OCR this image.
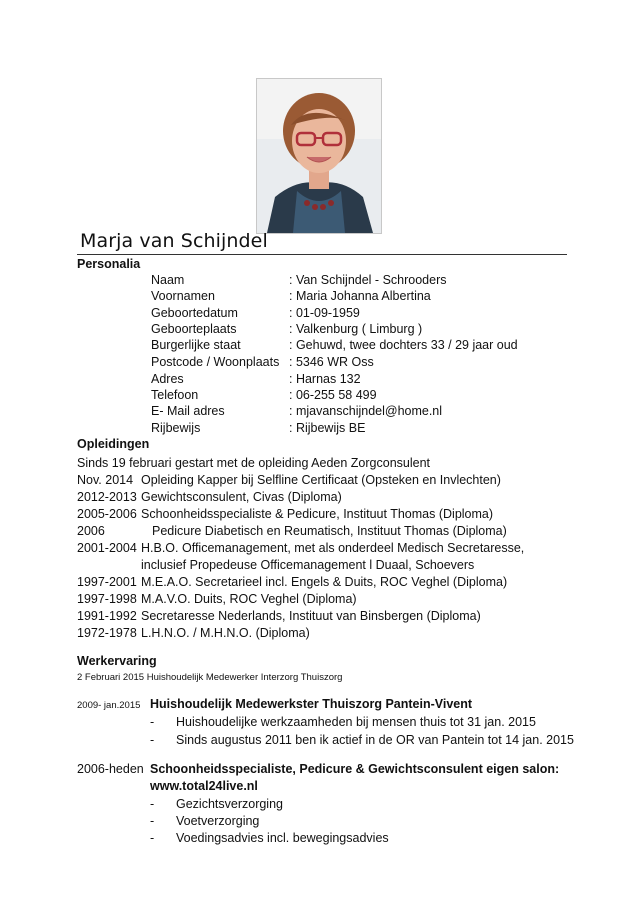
Marja van Schijndel
Personalia
Naam	: Van Schijndel - Schrooders
Voornamen	: Maria Johanna Albertina
Geboortedatum	: 01-09-1959
Geboorteplaats	: Valkenburg ( Limburg )
Burgerlijke staat	: Gehuwd, twee dochters 33 / 29 jaar oud
Postcode / Woonplaats : 5346 WR Oss
Adres	: Harnas 132
Telefoon	: 06-255 58 499
E- Mail adres	: mjavanschijndel@home.nl
Rijbewijs	: Rijbewijs BE
Opleidingen
Sinds 19 februari gestart met de opleiding Aeden Zorgconsulent
Nov. 2014 Opleiding Kapper bij Selfline Certificaat (Opsteken en Invlechten)
2012-2013 Gewichtsconsulent, Civas (Diploma)
2005-2006 Schoonheidsspecialiste & Pedicure, Instituut Thomas (Diploma)
2006	Pedicure Diabetisch en Reumatisch, Instituut Thomas (Diploma)
2001-2004 H.B.O. Officemanagement, met als onderdeel Medisch Secretaresse,
inclusief Propedeuse Officemanagement l Duaal, Schoevers
1997-2001 M.E.A.O. Secretarieel incl. Engels & Duits, ROC Veghel (Diploma)
1997-1998 M.A.V.O. Duits, ROC Veghel (Diploma)
1991-1992 Secretaresse Nederlands, Instituut van Binsbergen (Diploma)
1972-1978 L.H.N.O. / M.H.N.O. (Diploma)
Werkervaring
2 Februari 2015 Huishoudelijk Medewerker Interzorg Thuiszorg
2009- jan.2015 Huishoudelijk Medewerkster Thuiszorg Pantein-Vivent
- Huishoudelijke werkzaamheden bij mensen thuis tot 31 jan. 2015
- Sinds augustus 2011 ben ik actief in de OR van Pantein tot 14 jan. 2015
2006-heden Schoonheidsspecialiste, Pedicure & Gewichtsconsulent eigen salon:
www.total24live.nl
- Gezichtsverzorging
- Voetverzorging
- Voedingsadvies incl. bewegingsadvies
